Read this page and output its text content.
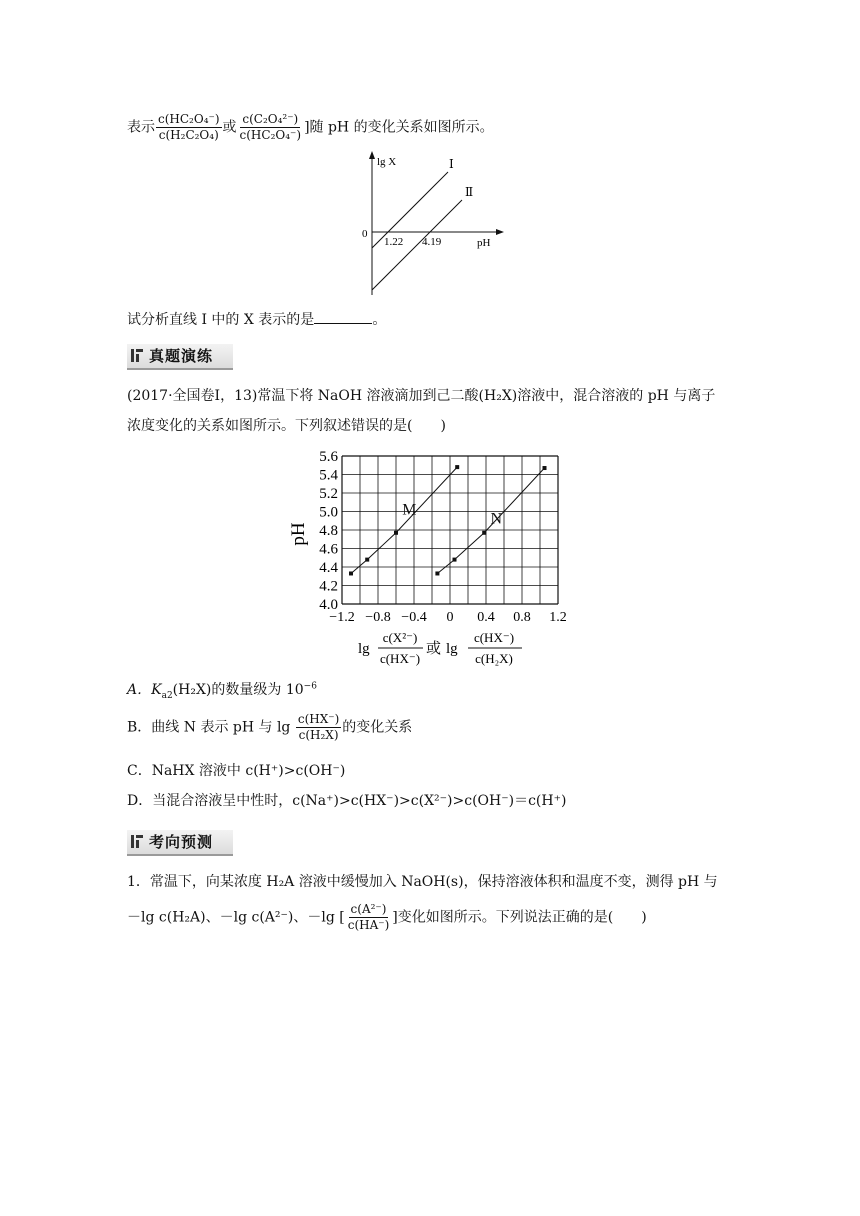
表示 $\frac{\text{c(HC₂O₄⁻)}}{\text{c(H₂C₂O₄)}}$ 或 $\frac{\text{c(C₂O₄²⁻)}}{\text{c(HC₂O₄⁻)}}$ ]随 pH 的变化关系如图所示。
lg X
pH
0
1.22 4.19
Ⅰ
Ⅱ
试分析直线 Ⅰ 中的 X 表示的是	。
真题演练
(2017·全国卷Ⅰ，13)常温下将 NaOH 溶液滴加到己二酸(H₂X)溶液中，混合溶液的 pH 与离子
浓度变化的关系如图所示。下列叙述错误的是(　　)
4.0
4.2
4.4
4.6
4.8
5.0
5.2
5.4
5.6
−1.2 −0.8 −0.4 0 0.4 0.8 1.2
M
N
pH
lg
c(X²⁻)
c(HX⁻)
或 lg
c(HX⁻)
c(H₂X)
A．$K_{a2}(H_2X)$的数量级为 $10^{-6}$
B．曲线 N 表示 pH 与 $\lg \frac{c(HX^-)}{\text{c(H₂X)}}$ 的变化关系
C．NaHX 溶液中 c(H⁺)>c(OH⁻)
D．当混合溶液呈中性时，c(Na⁺)>c(HX⁻)>c(X²⁻)>c(OH⁻)＝c(H⁺)
考向预测
1．常温下，向某浓度 H₂A 溶液中缓慢加入 NaOH(s)，保持溶液体积和温度不变，测得 pH 与
－lg c(H₂A)、－lg c(A²⁻)、－lg [ $\frac{\text{c(A²⁻)}}{c(HA^-)}$ ]变化如图所示。下列说法正确的是(　　)
